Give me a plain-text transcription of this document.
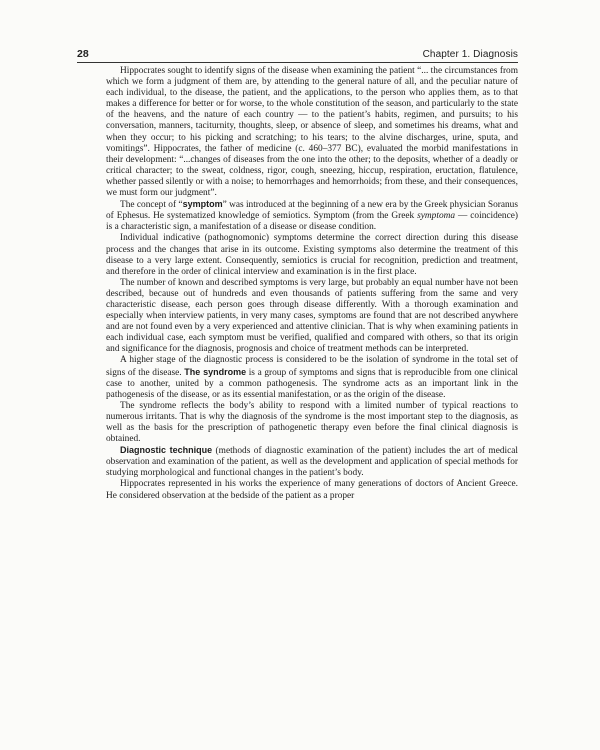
28	Chapter 1. Diagnosis

Hippocrates sought to identify signs of the disease when examining the patient “... the circumstances from which we form a judgment of them are, by attending to the general nature of all, and the peculiar nature of each individual, to the disease, the patient, and the applications, to the person who applies them, as to that makes a difference for better or for worse, to the whole constitution of the season, and particularly to the state of the heavens, and the nature of each country — to the patient’s habits, regimen, and pursuits; to his conversation, manners, taciturnity, thoughts, sleep, or absence of sleep, and sometimes his dreams, what and when they occur; to his picking and scratching; to his tears; to the alvine discharges, urine, sputa, and vomitings”. Hippocrates, the father of medicine (c. 460–377 BC), evaluated the morbid manifestations in their development: “...changes of diseases from the one into the other; to the deposits, whether of a deadly or critical character; to the sweat, coldness, rigor, cough, sneezing, hiccup, respiration, eructation, flatulence, whether passed silently or with a noise; to hemorrhages and hemorrhoids; from these, and their consequences, we must form our judgment”.

The concept of “symptom” was introduced at the beginning of a new era by the Greek physician Soranus of Ephesus. He systematized knowledge of semiotics. Symptom (from the Greek symptoma — coincidence) is a characteristic sign, a manifestation of a disease or disease condition.

Individual indicative (pathognomonic) symptoms determine the correct direction during this disease process and the changes that arise in its outcome. Existing symptoms also determine the treatment of this disease to a very large extent. Consequently, semiotics is crucial for recognition, prediction and treatment, and therefore in the order of clinical interview and examination is in the first place.

The number of known and described symptoms is very large, but probably an equal number have not been described, because out of hundreds and even thousands of patients suffering from the same and very characteristic disease, each person goes through disease differently. With a thorough examination and especially when interview patients, in very many cases, symptoms are found that are not described anywhere and are not found even by a very experienced and attentive clinician. That is why when examining patients in each individual case, each symptom must be verified, qualified and compared with others, so that its origin and significance for the diagnosis, prognosis and choice of treatment methods can be interpreted.

A higher stage of the diagnostic process is considered to be the isolation of syndrome in the total set of signs of the disease. The syndrome is a group of symptoms and signs that is reproducible from one clinical case to another, united by a common pathogenesis. The syndrome acts as an important link in the pathogenesis of the disease, or as its essential manifestation, or as the origin of the disease.

The syndrome reflects the body’s ability to respond with a limited number of typical reactions to numerous irritants. That is why the diagnosis of the syndrome is the most important step to the diagnosis, as well as the basis for the prescription of pathogenetic therapy even before the final clinical diagnosis is obtained.

Diagnostic technique (methods of diagnostic examination of the patient) includes the art of medical observation and examination of the patient, as well as the development and application of special methods for studying morphological and functional changes in the patient’s body.

Hippocrates represented in his works the experience of many generations of doctors of Ancient Greece. He considered observation at the bedside of the patient as a proper
